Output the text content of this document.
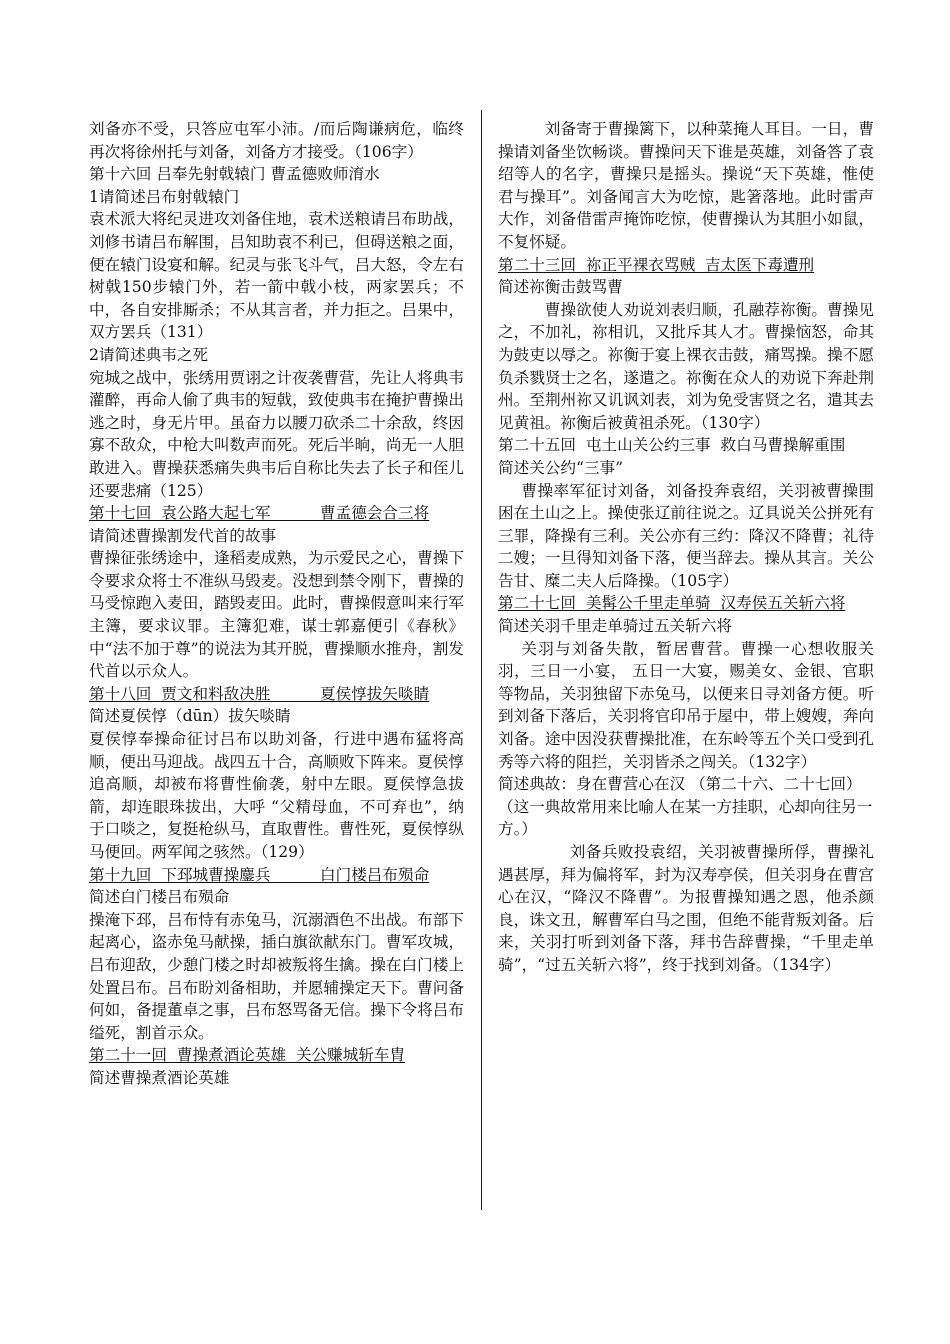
刘备亦不受，只答应屯军小沛。/而后陶谦病危，临终再次将徐州托与刘备，刘备方才接受。（106字）
第十六回 吕奉先射戟辕门 曹孟德败师淯水
1请简述吕布射戟辕门
袁术派大将纪灵进攻刘备住地，袁术送粮请吕布助战，刘修书请吕布解围，吕知助袁不利已，但碍送粮之面，便在辕门设宴和解。纪灵与张飞斗气，吕大怒，令左右树戟150步辕门外，若一箭中戟小枝，两家罢兵；不中，各自安排厮杀；不从其言者，并力拒之。吕果中，双方罢兵（131）
2请简述典韦之死
宛城之战中，张绣用贾诩之计夜袭曹营，先让人将典韦灌醉，再命人偷了典韦的短戟，致使典韦在掩护曹操出逃之时，身无片甲。虽奋力以腰刀砍杀二十余敌，终因寡不敌众，中枪大叫数声而死。死后半晌，尚无一人胆敢进入。曹操获悉痛失典韦后自称比失去了长子和侄儿还要悲痛（125）
第十七回  袁公路大起七军          曹孟德会合三将
请简述曹操割发代首的故事
曹操征张绣途中，逢稻麦成熟，为示爱民之心，曹操下令要求众将士不准纵马毁麦。没想到禁令刚下，曹操的马受惊跑入麦田，踏毁麦田。此时，曹操假意叫来行军主簿，要求议罪。主簿犯难，谋士郭嘉便引《春秋》中“法不加于尊”的说法为其开脱，曹操顺水推舟，割发代首以示众人。
第十八回  贾文和料敌决胜          夏侯惇拔矢啖睛
简述夏侯惇（dūn）拔矢啖睛
夏侯惇奉操命征讨吕布以助刘备，行进中遇布猛将高顺，便出马迎战。战四五十合，高顺败下阵来。夏侯惇追高顺，却被布将曹性偷袭，射中左眼。夏侯惇急拔箭，却连眼珠拔出，大呼 “父精母血，不可弃也”，纳于口啖之，复挺枪纵马，直取曹性。曹性死，夏侯惇纵马便回。两军闻之骇然。（129）
第十九回  下邳城曹操鏖兵          白门楼吕布殒命
简述白门楼吕布殒命
操淹下邳，吕布恃有赤兔马，沉溺酒色不出战。布部下起离心，盗赤兔马献操，插白旗欲献东门。曹军攻城，吕布迎敌，少憩门楼之时却被叛将生擒。操在白门楼上处置吕布。吕布盼刘备相助，并愿辅操定天下。曹问备何如，备提董卓之事，吕布怒骂备无信。操下令将吕布缢死，割首示众。
第二十一回  曹操煮酒论英雄  关公赚城斩车胄
简述曹操煮酒论英雄
刘备寄于曹操篱下，以种菜掩人耳目。一日，曹操请刘备坐饮畅谈。曹操问天下谁是英雄，刘备答了袁绍等人的名字，曹操只是摇头。操说“天下英雄，惟使君与操耳”。刘备闻言大为吃惊，匙箸落地。此时雷声大作，刘备借雷声掩饰吃惊，使曹操认为其胆小如鼠，不复怀疑。
第二十三回  祢正平裸衣骂贼  吉太医下毒遭刑
简述祢衡击鼓骂曹
曹操欲使人劝说刘表归顺，孔融荐祢衡。曹操见之，不加礼，祢相讥，又批斥其人才。曹操恼怒，命其为鼓吏以辱之。祢衡于宴上裸衣击鼓，痛骂操。操不愿负杀戮贤士之名，遂遣之。祢衡在众人的劝说下奔赴荆州。至荆州祢又讥讽刘表，刘为免受害贤之名，遣其去见黄祖。祢衡后被黄祖杀死。（130字）
第二十五回  屯土山关公约三事  救白马曹操解重围
简述关公约“三事”
曹操率军征讨刘备，刘备投奔袁绍，关羽被曹操围困在土山之上。操使张辽前往说之。辽具说关公拼死有三罪，降操有三利。关公亦有三约：降汉不降曹；礼待二嫂；一旦得知刘备下落，便当辞去。操从其言。关公告甘、糜二夫人后降操。（105字）
第二十七回  美髯公千里走单骑  汉寿侯五关斩六将
简述关羽千里走单骑过五关斩六将
关羽与刘备失散，暂居曹营。曹操一心想收服关羽，三日一小宴， 五日一大宴，赐美女、金银、官职等物品，关羽独留下赤兔马，以便来日寻刘备方便。听到刘备下落后，关羽将官印吊于屋中，带上嫂嫂，奔向刘备。途中因没获曹操批准，在东岭等五个关口受到孔秀等六将的阻拦，关羽皆杀之闯关。（132字）
简述典故：身在曹营心在汉 （第二十六、二十七回）
（这一典故常用来比喻人在某一方挂职，心却向往另一方。）
刘备兵败投袁绍，关羽被曹操所俘，曹操礼遇甚厚，拜为偏将军，封为汉寿亭侯，但关羽身在曹宫心在汉，“降汉不降曹”。为报曹操知遇之恩，他杀颜良，诛文丑，解曹军白马之围，但绝不能背叛刘备。后来，关羽打听到刘备下落，拜书告辞曹操，“千里走单骑”，“过五关斩六将”，终于找到刘备。（134字）
